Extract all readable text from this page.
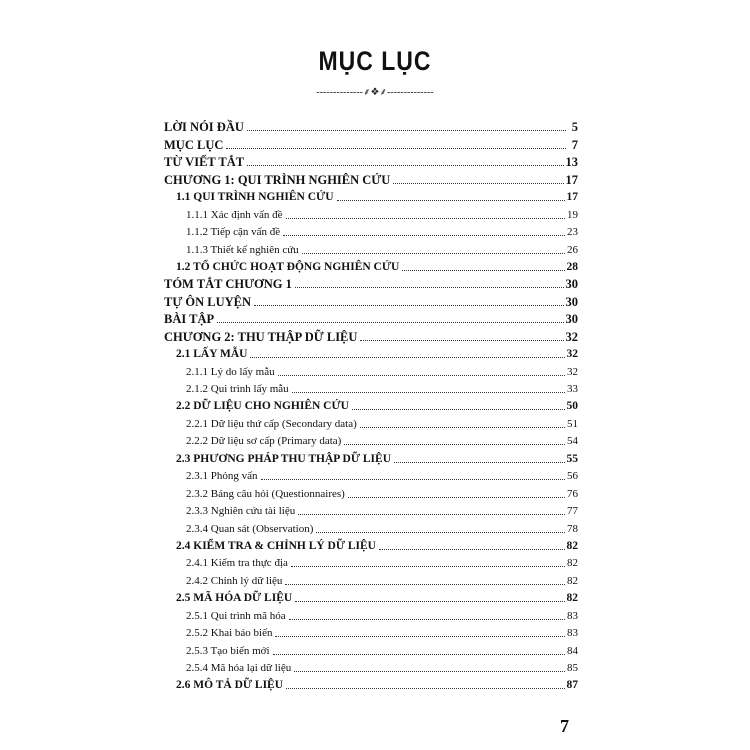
MỤC LỤC
--------------⸙❖⸙--------------
LỜI NÓI ĐẦU	5
MỤC LỤC	7
TỪ VIẾT TẮT	13
CHƯƠNG 1: QUI TRÌNH NGHIÊN CỨU	17
1.1 QUI TRÌNH NGHIÊN CỨU	17
1.1.1 Xác định vấn đề	19
1.1.2 Tiếp cận vấn đề	23
1.1.3 Thiết kế nghiên cứu	26
1.2 TỔ CHỨC HOẠT ĐỘNG NGHIÊN CỨU	28
TÓM TẮT CHƯƠNG 1	30
TỰ ÔN LUYỆN	30
BÀI TẬP	30
CHƯƠNG 2: THU THẬP DỮ LIỆU	32
2.1 LẤY MẪU	32
2.1.1 Lý do lấy mẫu	32
2.1.2 Qui trình lấy mẫu	33
2.2 DỮ LIỆU CHO NGHIÊN CỨU	50
2.2.1 Dữ liệu thứ cấp (Secondary data)	51
2.2.2 Dữ liệu sơ cấp (Primary data)	54
2.3 PHƯƠNG PHÁP THU THẬP DỮ LIỆU	55
2.3.1 Phỏng vấn	56
2.3.2 Bảng câu hỏi (Questionnaires)	76
2.3.3 Nghiên cứu tài liệu	77
2.3.4 Quan sát (Observation)	78
2.4 KIỂM TRA & CHỈNH LÝ DỮ LIỆU	82
2.4.1 Kiểm tra thực địa	82
2.4.2 Chỉnh lý dữ liệu	82
2.5 MÃ HÓA DỮ LIỆU	82
2.5.1 Qui trình mã hóa	83
2.5.2 Khai báo biến	83
2.5.3 Tạo biến mới	84
2.5.4 Mã hóa lại dữ liệu	85
2.6 MÔ TẢ DỮ LIỆU	87
7
